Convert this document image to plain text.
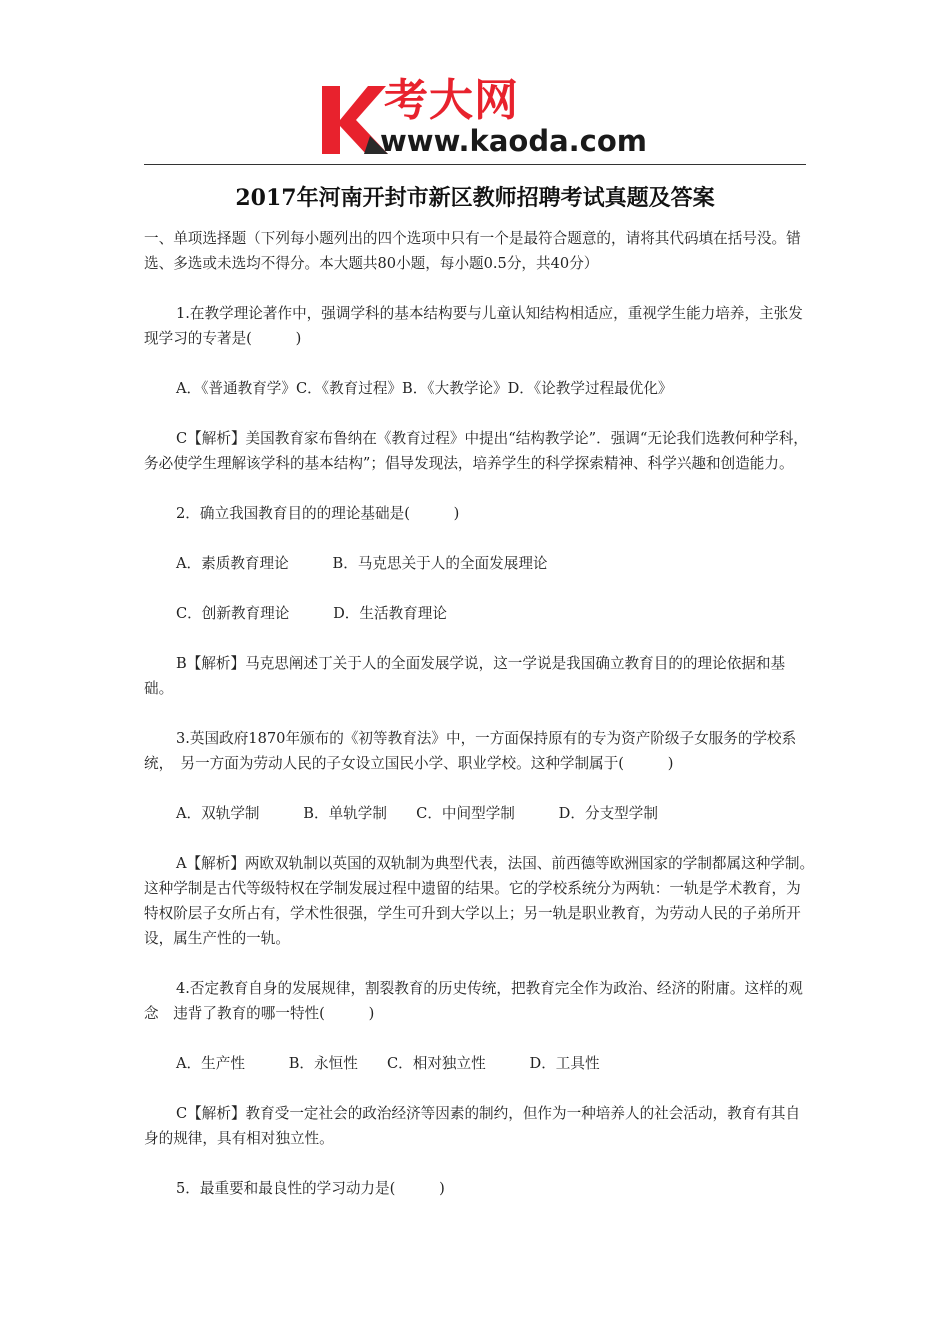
考大网
www.kaoda.com
2017年河南开封市新区教师招聘考试真题及答案

一、单项选择题（下列每小题列出的四个选项中只有一个是最符合题意的，请将其代码填在括号没。错选、多选或未选均不得分。本大题共80小题，每小题0.5分，共40分）

1.在教学理论著作中，强调学科的基本结构要与儿童认知结构相适应，重视学生能力培养，主张发现学习的专著是(　　　)

A．《普通教育学》C．《教育过程》B．《大教学论》D．《论教学过程最优化》

C【解析】美国教育家布鲁纳在《教育过程》中提出“结构教学论”．强调“无论我们选教何种学科，务必使学生理解该学科的基本结构”；倡导发现法，培养学生的科学探索精神、科学兴趣和创造能力。

2．确立我国教育目的的理论基础是(　　　)

A．素质教育理论　　　B．马克思关于人的全面发展理论

C．创新教育理论　　　D．生活教育理论

B【解析】马克思阐述丁关于人的全面发展学说，这一学说是我国确立教育目的的理论依据和基础。

3.英国政府1870年颁布的《初等教育法》中，一方面保持原有的专为资产阶级子女服务的学校系统，　另一方面为劳动人民的子女设立国民小学、职业学校。这种学制属于(　　　)

A．双轨学制　　　B．单轨学制　　C．中间型学制　　　D．分支型学制

A【解析】两欧双轨制以英国的双轨制为典型代表，法国、前西德等欧洲国家的学制都属这种学制。　这种学制是古代等级特权在学制发展过程中遗留的结果。它的学校系统分为两轨：一轨是学术教育，为特权阶层子女所占有，学术性很强，学生可升到大学以上；另一轨是职业教育，为劳动人民的子弟所开设，属生产性的一轨。

4.否定教育自身的发展规律，割裂教育的历史传统，把教育完全作为政治、经济的附庸。这样的观念　违背了教育的哪一特性(　　　)

A．生产性　　　B．永恒性　　C．相对独立性　　　D．工具性

C【解析】教育受一定社会的政治经济等因素的制约，但作为一种培养人的社会活动，教育有其自身的规律，具有相对独立性。

5．最重要和最良性的学习动力是(　　　)
